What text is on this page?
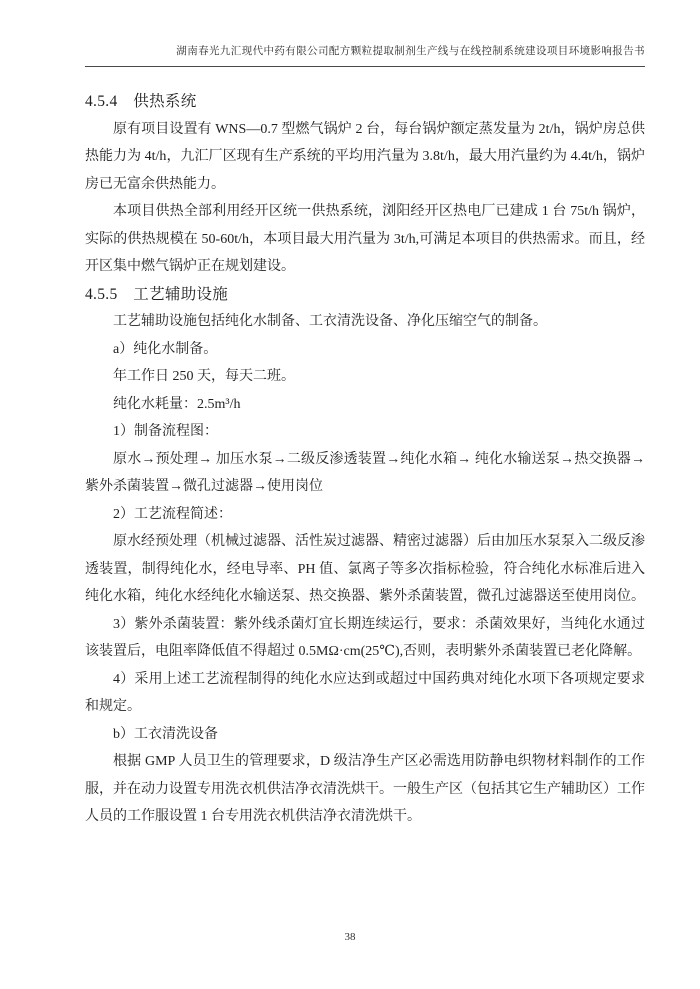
湖南春光九汇现代中药有限公司配方颗粒提取制剂生产线与在线控制系统建设项目环境影响报告书

4.5.4　供热系统

原有项目设置有 WNS—0.7 型燃气锅炉 2 台，每台锅炉额定蒸发量为 2t/h，锅炉房总供热能力为 4t/h，九汇厂区现有生产系统的平均用汽量为 3.8t/h，最大用汽量约为 4.4t/h，锅炉房已无富余供热能力。

本项目供热全部利用经开区统一供热系统，浏阳经开区热电厂已建成 1 台 75t/h 锅炉，实际的供热规模在 50-60t/h，本项目最大用汽量为 3t/h,可满足本项目的供热需求。而且，经开区集中燃气锅炉正在规划建设。

4.5.5　工艺辅助设施

工艺辅助设施包括纯化水制备、工衣清洗设备、净化压缩空气的制备。

a）纯化水制备。

年工作日 250 天，每天二班。

纯化水耗量：2.5m³/h

1）制备流程图：

原水→预处理→ 加压水泵→二级反渗透装置→纯化水箱→ 纯化水输送泵→热交换器→紫外杀菌装置→微孔过滤器→使用岗位

2）工艺流程简述：

原水经预处理（机械过滤器、活性炭过滤器、精密过滤器）后由加压水泵泵入二级反渗透装置，制得纯化水，经电导率、PH 值、氯离子等多次指标检验，符合纯化水标准后进入纯化水箱，纯化水经纯化水输送泵、热交换器、紫外杀菌装置，微孔过滤器送至使用岗位。

3）紫外杀菌装置：紫外线杀菌灯宜长期连续运行，要求：杀菌效果好，当纯化水通过该装置后，电阻率降低值不得超过 0.5MΩ·cm(25℃),否则，表明紫外杀菌装置已老化降解。

4）采用上述工艺流程制得的纯化水应达到或超过中国药典对纯化水项下各项规定要求和规定。

b）工衣清洗设备

根据 GMP 人员卫生的管理要求，D 级洁净生产区必需选用防静电织物材料制作的工作服，并在动力设置专用洗衣机供洁净衣清洗烘干。一般生产区（包括其它生产辅助区）工作人员的工作服设置 1 台专用洗衣机供洁净衣清洗烘干。

38
